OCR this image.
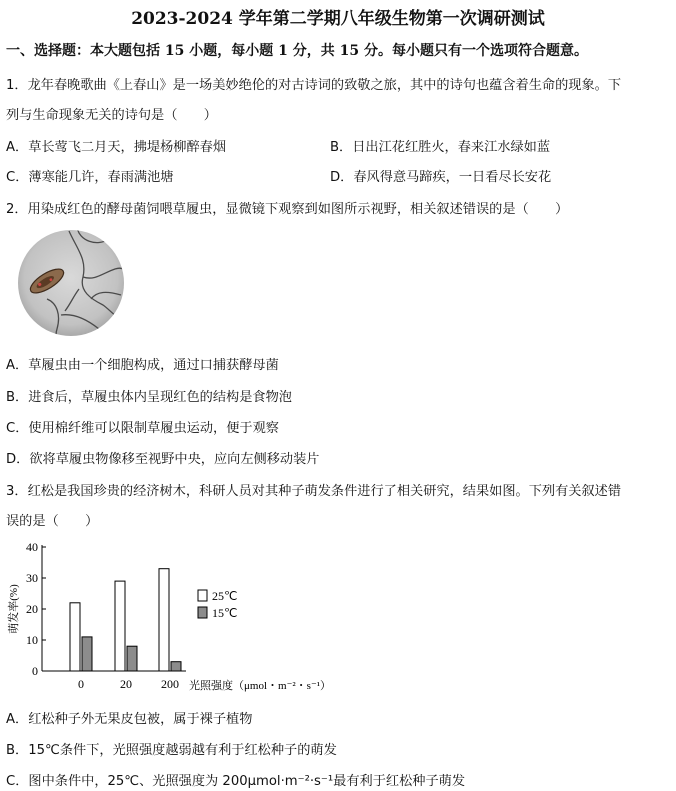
2023-2024 学年第二学期八年级生物第一次调研测试
一、选择题：本大题包括 15 小题，每小题 1 分，共 15 分。每小题只有一个选项符合题意。
1．龙年春晚歌曲《上春山》是一场美妙绝伦的对古诗词的致敬之旅，其中的诗句也蕴含着生命的现象。下
列与生命现象无关的诗句是（　　）
A．草长莺飞二月天，拂堤杨柳醉春烟	B．日出江花红胜火，春来江水绿如蓝
C．薄寒能几许，春雨满池塘	D．春风得意马蹄疾，一日看尽长安花
2．用染成红色的酵母菌饲喂草履虫，显微镜下观察到如图所示视野，相关叙述错误的是（　　）
A．草履虫由一个细胞构成，通过口捕获酵母菌
B．进食后，草履虫体内呈现红色的结构是食物泡
C．使用棉纤维可以限制草履虫运动，便于观察
D．欲将草履虫物像移至视野中央，应向左侧移动装片
3．红松是我国珍贵的经济树木，科研人员对其种子萌发条件进行了相关研究，结果如图。下列有关叙述错
误的是（　　）
0
10
20
30
40
萌发率(%)
0	20 200 光照强度（μmol・m⁻²・s⁻¹）
25℃
15℃
A．红松种子外无果皮包被，属于裸子植物
B．15℃条件下，光照强度越弱越有利于红松种子的萌发
C．图中条件中，25℃、光照强度为 200μmol·m⁻²·s⁻¹最有利于红松种子萌发
